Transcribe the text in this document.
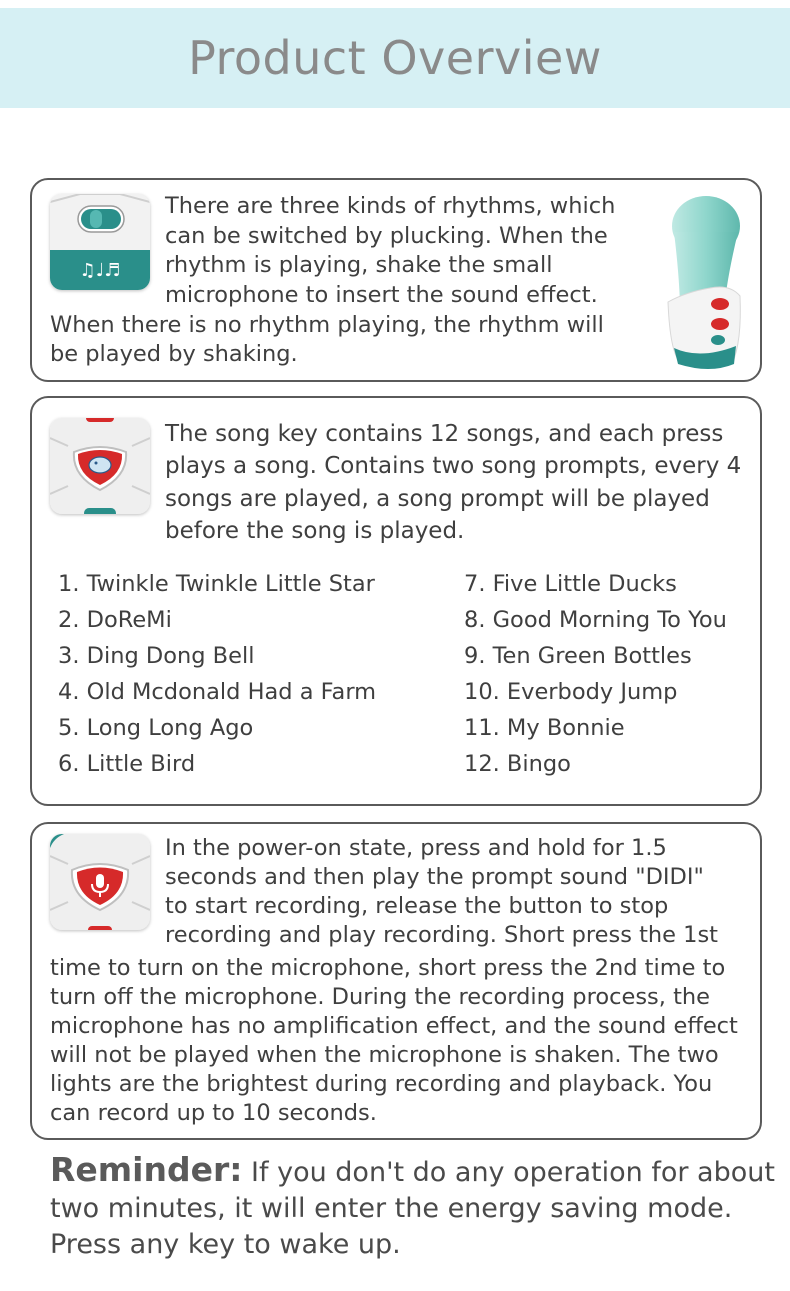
Product Overview
♫♩♬

There are three kinds of rhythms, which

can be switched by plucking. When the

rhythm is playing, shake the small

microphone to insert the sound effect.

When there is no rhythm playing, the rhythm will

be played by shaking.

The song key contains 12 songs, and each press

plays a song. Contains two song prompts, every 4

songs are played, a song prompt will be played

before the song is played.

1. Twinkle Twinkle Little Star
2. DoReMi
3. Ding Dong Bell
4. Old Mcdonald Had a Farm
5. Long Long Ago
6. Little Bird
7. Five Little Ducks
8. Good Morning To You
9. Ten Green Bottles
10. Everbody Jump
11. My Bonnie
12. Bingo

In the power-on state, press and hold for 1.5

seconds and then play the prompt sound "DIDI"

to start recording, release the button to stop

recording and play recording. Short press the 1st

time to turn on the microphone, short press the 2nd time to

turn off the microphone. During the recording process, the

microphone has no amplification effect, and the sound effect

will not be played when the microphone is shaken. The two

lights are the brightest during recording and playback. You

can record up to 10 seconds.

Reminder: If you don't do any operation for about
two minutes, it will enter the energy saving mode.
Press any key to wake up.
